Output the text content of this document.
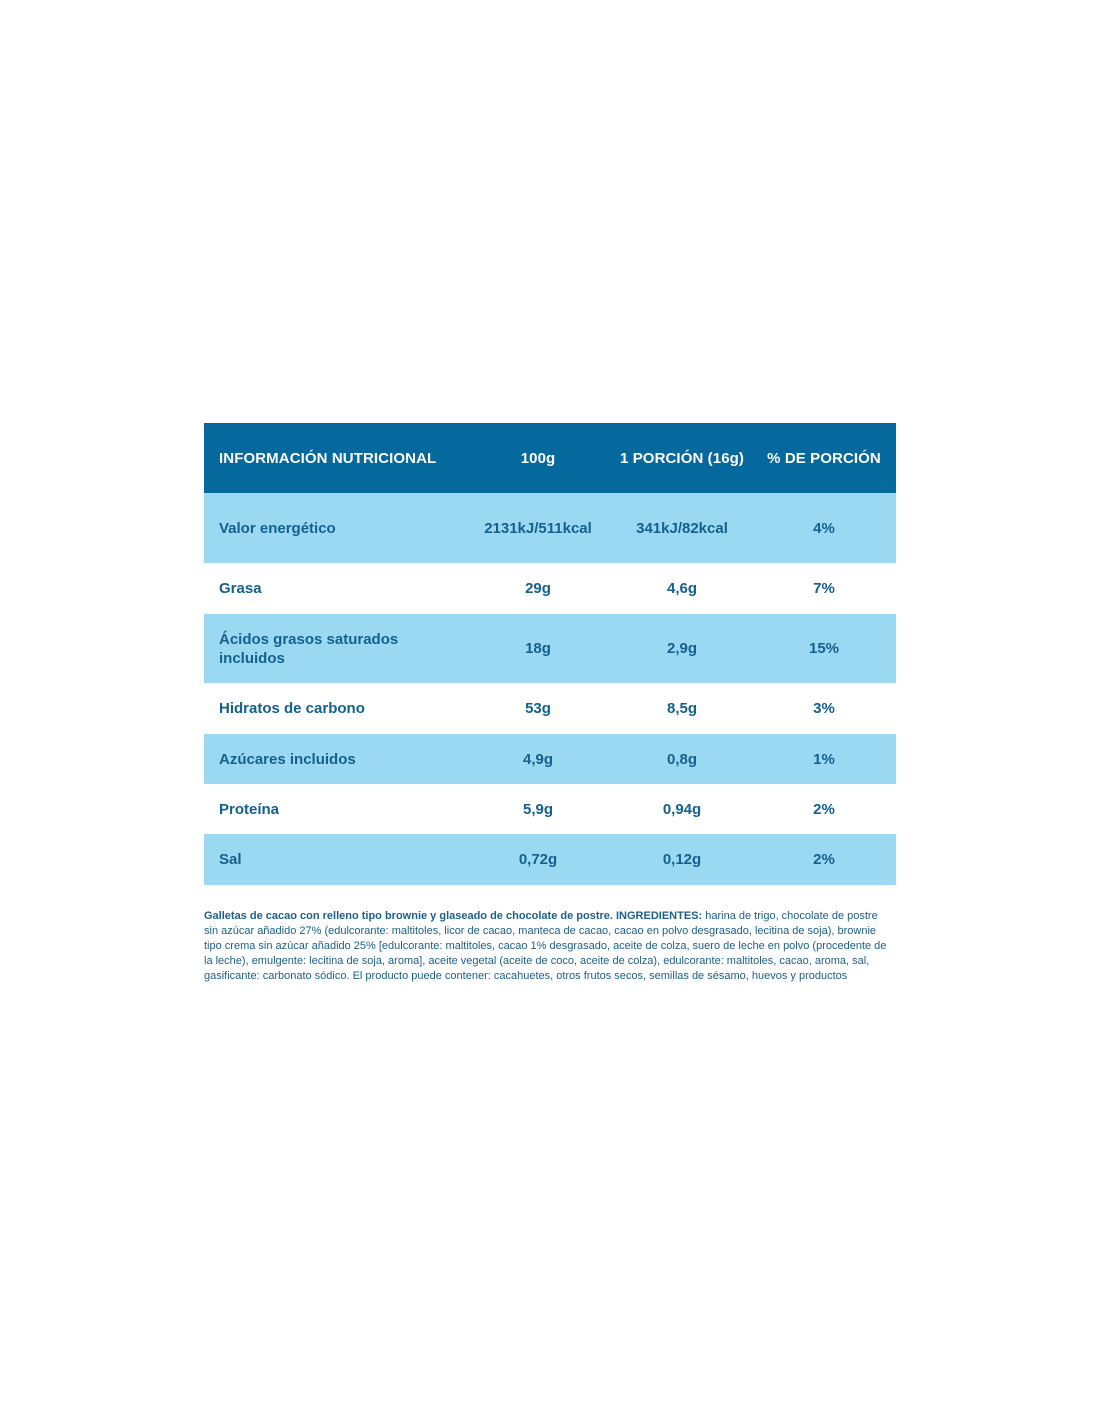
INFORMACIÓN NUTRICIONAL	100g	1 PORCIÓN (16g)	% DE PORCIÓN
Valor energético	2131kJ/511kcal	341kJ/82kcal	4%
Grasa	29g	4,6g	7%
Ácidos grasos saturados incluidos	18g	2,9g	15%
Hidratos de carbono	53g	8,5g	3%
Azúcares incluidos	4,9g	0,8g	1%
Proteína	5,9g	0,94g	2%
Sal	0,72g	0,12g	2%

Galletas de cacao con relleno tipo brownie y glaseado de chocolate de postre. INGREDIENTES: harina de trigo, chocolate de postre sin azúcar añadido 27% (edulcorante: maltitoles, licor de cacao, manteca de cacao, cacao en polvo desgrasado, lecitina de soja), brownie tipo crema sin azúcar añadido 25% [edulcorante: maltitoles, cacao 1% desgrasado, aceite de colza, suero de leche en polvo (procedente de la leche), emulgente: lecitina de soja, aroma], aceite vegetal (aceite de coco, aceite de colza), edulcorante: maltitoles, cacao, aroma, sal, gasificante: carbonato sódico. El producto puede contener: cacahuetes, otros frutos secos, semillas de sésamo, huevos y productos
